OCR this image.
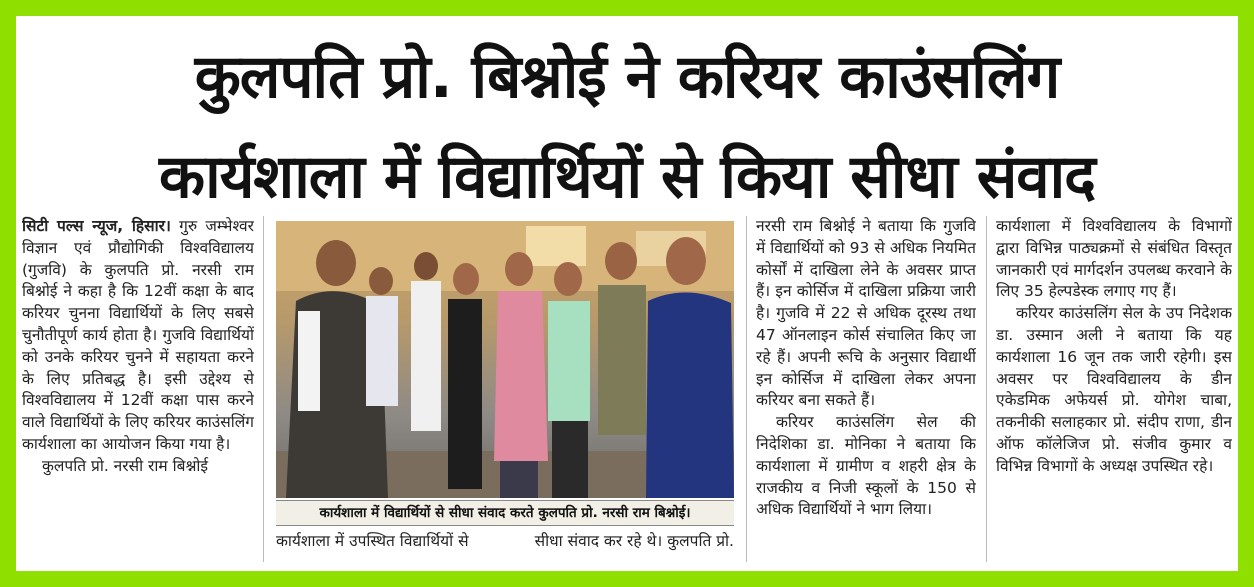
कुलपति प्रो. बिश्नोई ने करियर काउंसलिंग
कार्यशाला में विद्यार्थियों से किया सीधा संवाद

सिटी पल्स न्यूज, हिसार। गुरु जम्भेश्वर विज्ञान एवं प्रौद्योगिकी विश्वविद्यालय (गुजवि) के कुलपति प्रो. नरसी राम बिश्नोई ने कहा है कि 12वीं कक्षा के बाद करियर चुनना विद्यार्थियों के लिए सबसे चुनौतीपूर्ण कार्य होता है। गुजवि विद्यार्थियों को उनके करियर चुनने में सहायता करने के लिए प्रतिबद्ध है। इसी उद्देश्य से विश्वविद्यालय में 12वीं कक्षा पास करने वाले विद्यार्थियों के लिए करियर काउंसलिंग कार्यशाला का आयोजन किया गया है।

कुलपति प्रो. नरसी राम बिश्नोई

कार्यशाला में विद्यार्थियों से सीधा संवाद करते कुलपति प्रो. नरसी राम बिश्नोई।
कार्यशाला में उपस्थित विद्यार्थियों से	सीधा संवाद कर रहे थे। कुलपति प्रो.

नरसी राम बिश्नोई ने बताया कि गुजवि में विद्यार्थियों को 93 से अधिक नियमित कोर्सों में दाखिला लेने के अवसर प्राप्त हैं। इन कोर्सिज में दाखिला प्रक्रिया जारी है। गुजवि में 22 से अधिक दूरस्थ तथा 47 ऑनलाइन कोर्स संचालित किए जा रहे हैं। अपनी रूचि के अनुसार विद्यार्थी इन कोर्सिज में दाखिला लेकर अपना करियर बना सकते हैं।

करियर काउंसलिंग सेल की निदेशिका डा. मोनिका ने बताया कि कार्यशाला में ग्रामीण व शहरी क्षेत्र के राजकीय व निजी स्कूलों के 150 से अधिक विद्यार्थियों ने भाग लिया।

कार्यशाला में विश्वविद्यालय के विभागों द्वारा विभिन्न पाठ्यक्रमों से संबंधित विस्तृत जानकारी एवं मार्गदर्शन उपलब्ध करवाने के लिए 35 हेल्पडेस्क लगाए गए हैं।

करियर काउंसलिंग सेल के उप निदेशक डा. उस्मान अली ने बताया कि यह कार्यशाला 16 जून तक जारी रहेगी। इस अवसर पर विश्वविद्यालय के डीन एकेडमिक अफेयर्स प्रो. योगेश चाबा, तकनीकी सलाहकार प्रो. संदीप राणा, डीन ऑफ कॉलेजिज प्रो. संजीव कुमार व विभिन्न विभागों के अध्यक्ष उपस्थित रहे।
